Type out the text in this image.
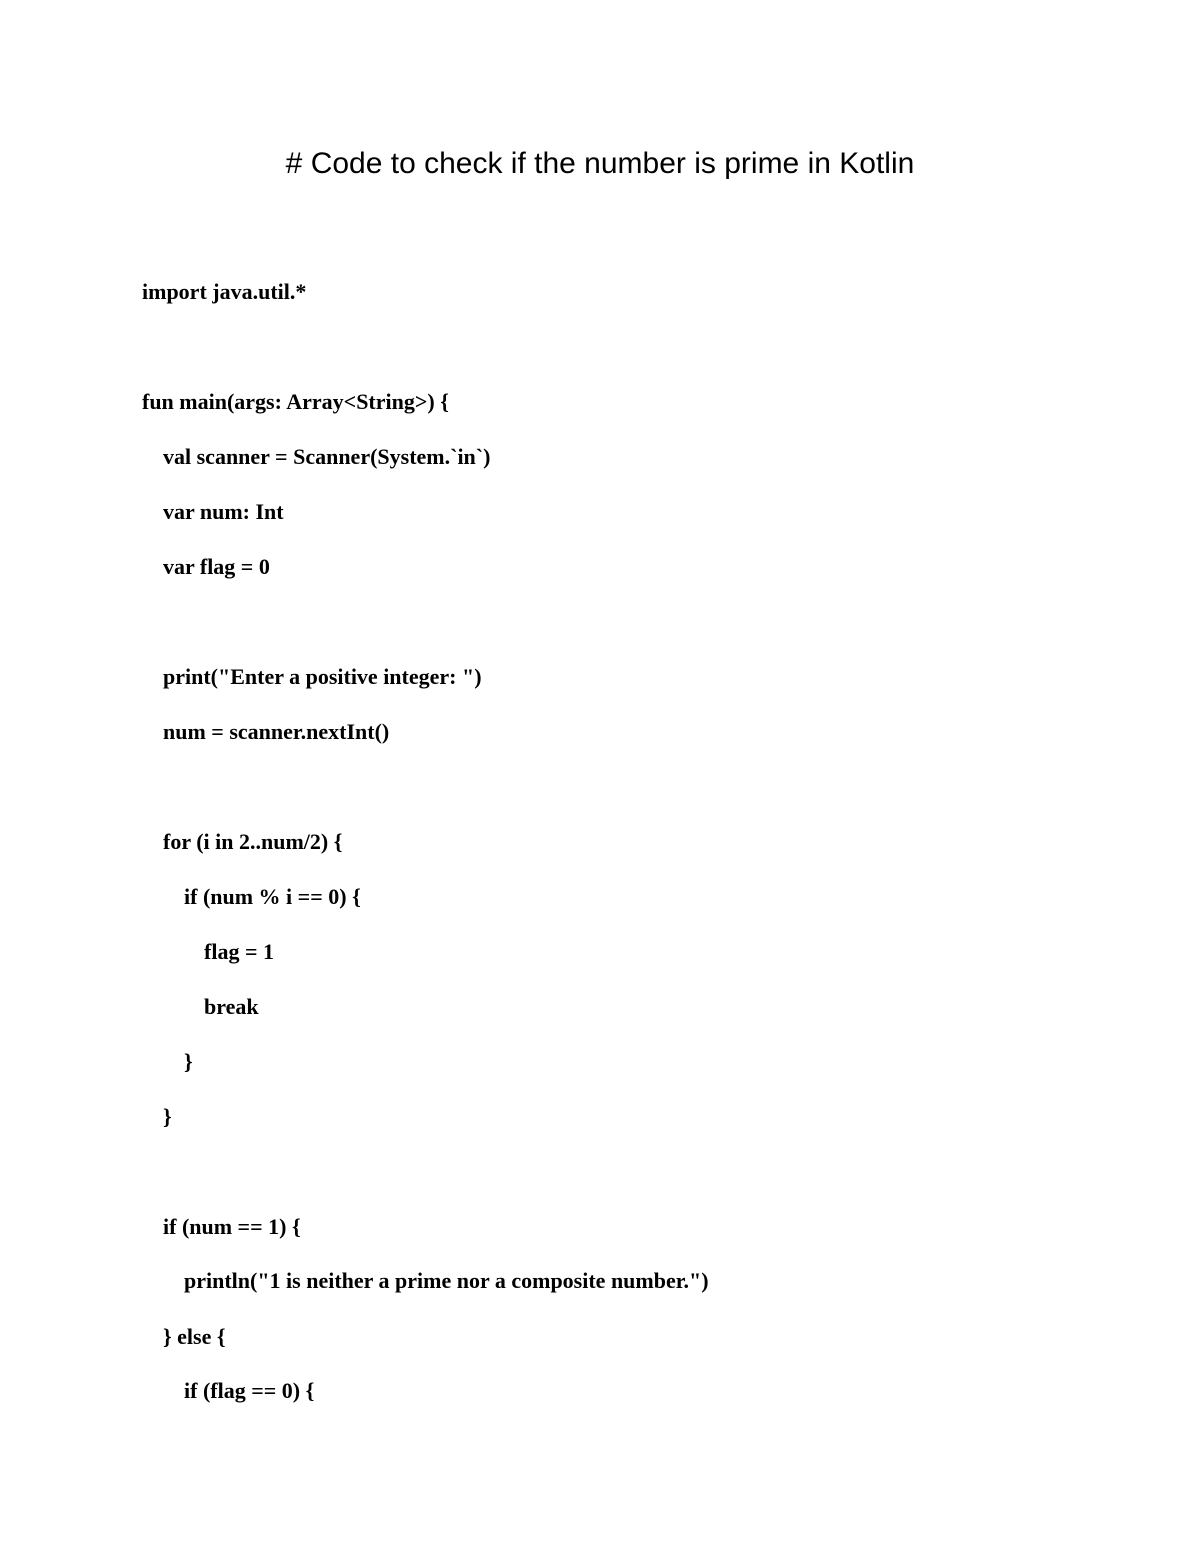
# Code to check if the number is prime in Kotlin
import java.util.*
fun main(args: Array<String>) {
val scanner = Scanner(System.`in`)
var num: Int
var flag = 0
print("Enter a positive integer: ")
num = scanner.nextInt()
for (i in 2..num/2) {
if (num % i == 0) {
flag = 1
break
}
}
if (num == 1) {
println("1 is neither a prime nor a composite number.")
} else {
if (flag == 0) {
